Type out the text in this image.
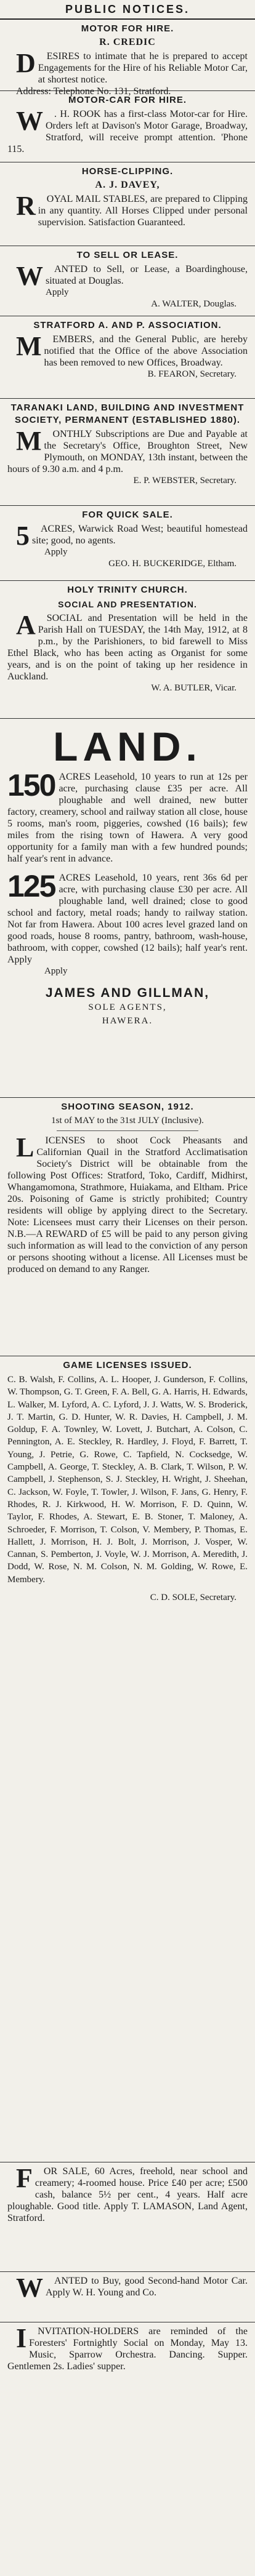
PUBLIC NOTICES.
MOTOR FOR HIRE.
R. CREDIC

D ESIRES to intimate that he is prepared to accept Engagements for the Hire of his Reliable Motor Car, at shortest notice.

Address: Telephone No. 131, Stratford.

MOTOR-CAR FOR HIRE.

W . H. ROOK has a first-class Motor-car for Hire. Orders left at Davison's Motor Garage, Broadway, Stratford, will receive prompt attention. 'Phone 115.

HORSE-CLIPPING.
A. J. DAVEY,

R OYAL MAIL STABLES, are prepared to Clipping in any quantity. All Horses Clipped under personal supervision. Satisfaction Guaranteed.

TO SELL OR LEASE.

W ANTED to Sell, or Lease, a Boardinghouse, situated at Douglas.

Apply
A. WALTER, Douglas.
STRATFORD A. AND P. ASSOCIATION.

M EMBERS, and the General Public, are hereby notified that the Office of the above Association has been removed to new Offices, Broadway.

B. FEARON, Secretary.
TARANAKI LAND, BUILDING AND INVESTMENT SOCIETY, PERMANENT (ESTABLISHED 1880).

M ONTHLY Subscriptions are Due and Payable at the Secretary's Office, Broughton Street, New Plymouth, on MONDAY, 13th instant, between the hours of 9.30 a.m. and 4 p.m.

E. P. WEBSTER, Secretary.
FOR QUICK SALE.

5 ACRES, Warwick Road West; beautiful homestead site; good, no agents.

Apply
GEO. H. BUCKERIDGE, Eltham.
HOLY TRINITY CHURCH.
SOCIAL AND PRESENTATION.

A SOCIAL and Presentation will be held in the Parish Hall on TUESDAY, the 14th May, 1912, at 8 p.m., by the Parishioners, to bid farewell to Miss Ethel Black, who has been acting as Organist for some years, and is on the point of taking up her residence in Auckland.

W. A. BUTLER, Vicar.
LAND.

150 ACRES Leasehold, 10 years to run at 12s per acre, purchasing clause £35 per acre. All ploughable and well drained, new butter factory, creamery, school and railway station all close, house 5 rooms, man's room, piggeries, cowshed (16 bails); few miles from the rising town of Hawera. A very good opportunity for a family man with a few hundred pounds; half year's rent in advance.

125 ACRES Leasehold, 10 years, rent 36s 6d per acre, with purchasing clause £30 per acre. All ploughable land, well drained; close to good school and factory, metal roads; handy to railway station. Not far from Hawera. About 100 acres level grazed land on good roads, house 8 rooms, pantry, bathroom, wash-house, bathroom, with copper, cowshed (12 bails); half year's rent. Apply

Apply
JAMES AND GILLMAN,
SOLE AGENTS,
HAWERA.
SHOOTING SEASON, 1912.
1st of MAY to the 31st JULY (Inclusive).

L ICENSES to shoot Cock Pheasants and Californian Quail in the Stratford Acclimatisation Society's District will be obtainable from the following Post Offices: Stratford, Toko, Cardiff, Midhirst, Whangamomona, Strathmore, Huiakama, and Eltham. Price 20s. Poisoning of Game is strictly prohibited; Country residents will oblige by applying direct to the Secretary. Note: Licensees must carry their Licenses on their person. N.B.—A REWARD of £5 will be paid to any person giving such information as will lead to the conviction of any person or persons shooting without a license. All Licenses must be produced on demand to any Ranger.

GAME LICENSES ISSUED.

C. B. Walsh, F. Collins, A. L. Hooper, J. Gunderson, F. Collins, W. Thompson, G. T. Green, F. A. Bell, G. A. Harris, H. Edwards, L. Walker, M. Lyford, A. C. Lyford, J. J. Watts, W. S. Broderick, J. T. Martin, G. D. Hunter, W. R. Davies, H. Campbell, J. M. Goldup, F. A. Townley, W. Lovett, J. Butchart, A. Colson, C. Pennington, A. E. Steckley, R. Hardley, J. Floyd, F. Barrett, T. Young, J. Petrie, G. Rowe, C. Tapfield, N. Cocksedge, W. Campbell, A. George, T. Steckley, A. B. Clark, T. Wilson, P. W. Campbell, J. Stephenson, S. J. Steckley, H. Wright, J. Sheehan, C. Jackson, W. Foyle, T. Towler, J. Wilson, F. Jans, G. Henry, F. Rhodes, R. J. Kirkwood, H. W. Morrison, F. D. Quinn, W. Taylor, F. Rhodes, A. Stewart, E. B. Stoner, T. Maloney, A. Schroeder, F. Morrison, T. Colson, V. Membery, P. Thomas, E. Hallett, J. Morrison, H. J. Bolt, J. Morrison, J. Vosper, W. Cannan, S. Pemberton, J. Voyle, W. J. Morrison, A. Meredith, J. Dodd, W. Rose, N. M. Colson, N. M. Golding, W. Rowe, E. Membery.

C. D. SOLE, Secretary.

F OR SALE, 60 Acres, freehold, near school and creamery; 4-roomed house. Price £40 per acre; £500 cash, balance 5½ per cent., 4 years. Half acre ploughable. Good title. Apply T. LAMASON, Land Agent, Stratford.

W ANTED to Buy, good Second-hand Motor Car. Apply W. H. Young and Co.

I NVITATION-HOLDERS are reminded of the Foresters' Fortnightly Social on Monday, May 13. Music, Sparrow Orchestra. Dancing. Supper. Gentlemen 2s. Ladies' supper.
